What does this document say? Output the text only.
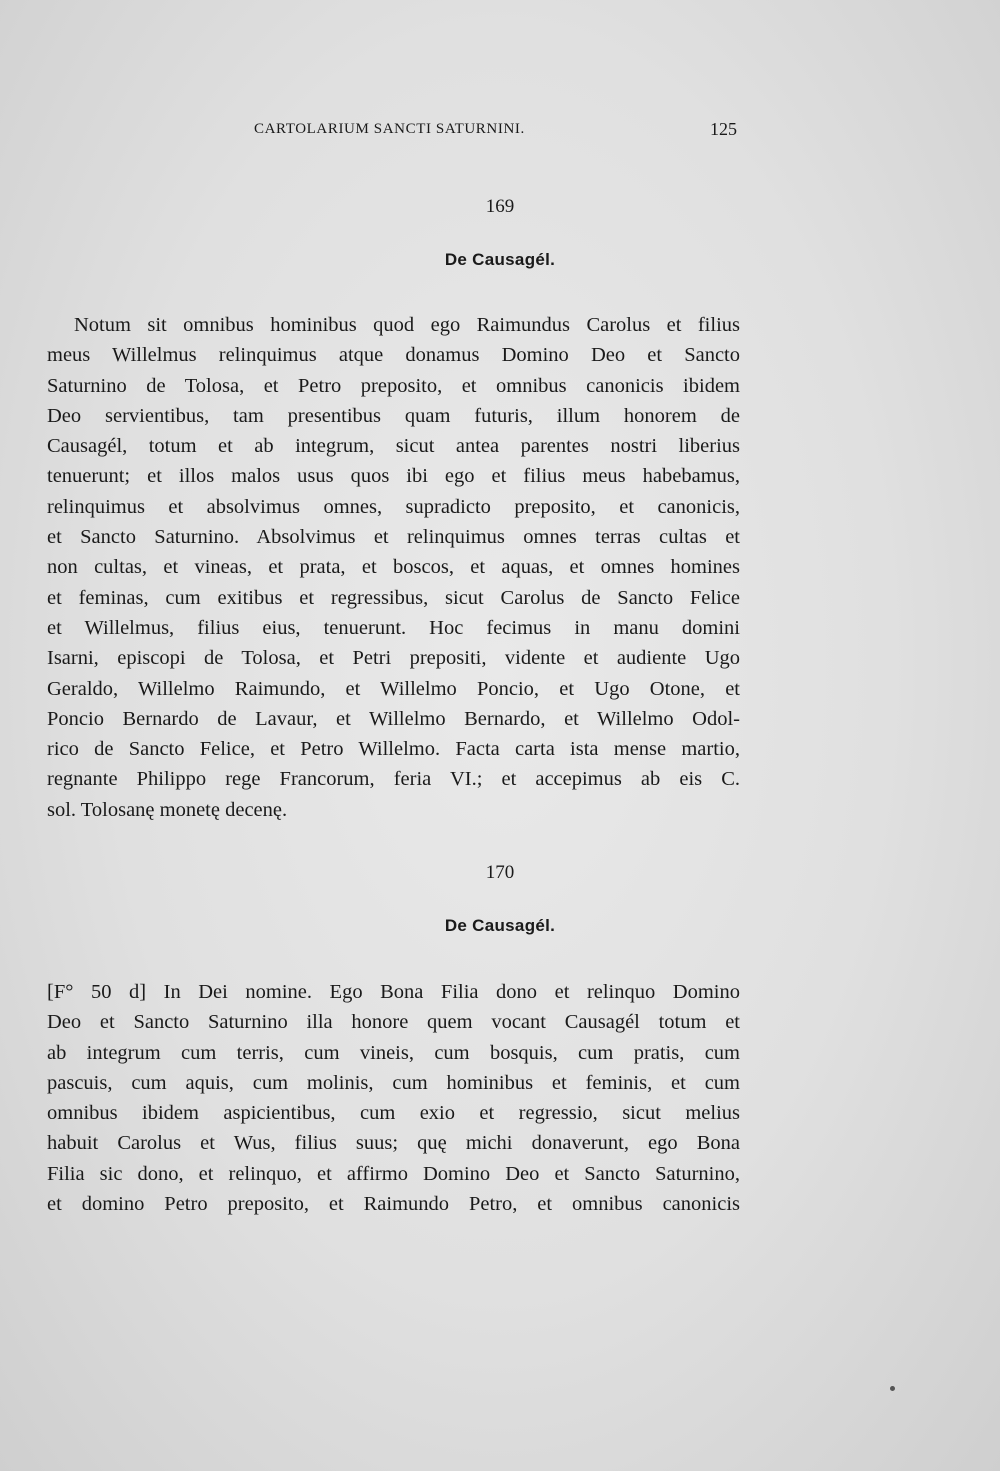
CARTOLARIUM SANCTI SATURNINI.	125
169
De Causagél.
Notum sit omnibus hominibus quod ego Raimundus Carolus et filius
meus Willelmus relinquimus atque donamus Domino Deo et Sancto
Saturnino de Tolosa, et Petro preposito, et omnibus canonicis ibidem
Deo servientibus, tam presentibus quam futuris, illum honorem de
Causagél, totum et ab integrum, sicut antea parentes nostri liberius
tenuerunt; et illos malos usus quos ibi ego et filius meus habebamus,
relinquimus et absolvimus omnes, supradicto preposito, et canonicis,
et Sancto Saturnino. Absolvimus et relinquimus omnes terras cultas et
non cultas, et vineas, et prata, et boscos, et aquas, et omnes homines
et feminas, cum exitibus et regressibus, sicut Carolus de Sancto Felice
et Willelmus, filius eius, tenuerunt. Hoc fecimus in manu domini
Isarni, episcopi de Tolosa, et Petri prepositi, vidente et audiente Ugo
Geraldo, Willelmo Raimundo, et Willelmo Poncio, et Ugo Otone, et
Poncio Bernardo de Lavaur, et Willelmo Bernardo, et Willelmo Odol-
rico de Sancto Felice, et Petro Willelmo. Facta carta ista mense martio,
regnante Philippo rege Francorum, feria VI.; et accepimus ab eis C.
sol. Tolosanę monetę decenę.
170
De Causagél.
[F° 50 d] In Dei nomine. Ego Bona Filia dono et relinquo Domino
Deo et Sancto Saturnino illa honore quem vocant Causagél totum et
ab integrum cum terris, cum vineis, cum bosquis, cum pratis, cum
pascuis, cum aquis, cum molinis, cum hominibus et feminis, et cum
omnibus ibidem aspicientibus, cum exio et regressio, sicut melius
habuit Carolus et Wus, filius suus; quę michi donaverunt, ego Bona
Filia sic dono, et relinquo, et affirmo Domino Deo et Sancto Saturnino,
et domino Petro preposito, et Raimundo Petro, et omnibus canonicis
